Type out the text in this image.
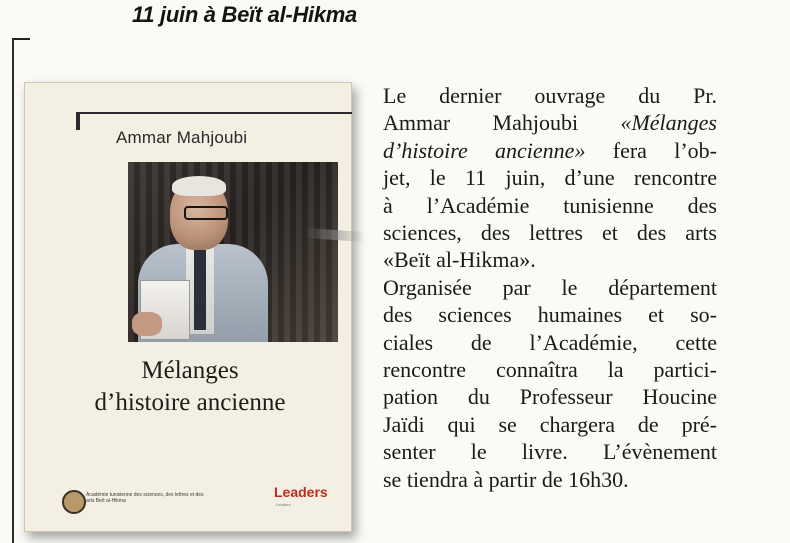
11 juin à Beït al-Hikma
Ammar Mahjoubi
Mélanges
d’histoire ancienne
Académie tunisienne des sciences, des lettres et des arts Beït al-Hikma
Leaders
Leaders
Le dernier ouvrage du Pr.
Ammar Mahjoubi «Mélanges
d’histoire ancienne» fera l’ob-
jet, le 11 juin, d’une rencontre
à l’Académie tunisienne des
sciences, des lettres et des arts
«Beït al-Hikma».
Organisée par le département
des sciences humaines et so-
ciales de l’Académie, cette
rencontre connaîtra la partici-
pation du Professeur Houcine
Jaïdi qui se chargera de pré-
senter le livre. L’évènement
se tiendra à partir de 16h30.
